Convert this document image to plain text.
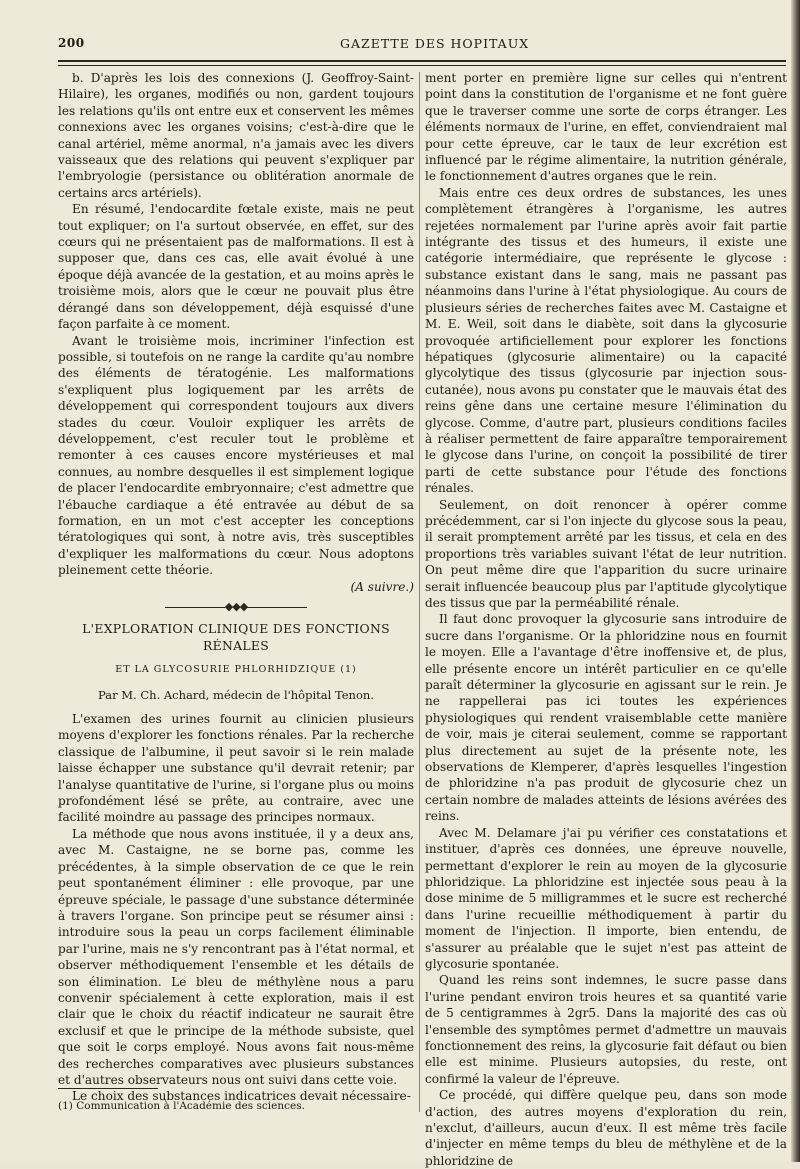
200	GAZETTE DES HOPITAUX

b. D'après les lois des connexions (J. Geoffroy-Saint-Hilaire), les organes, modifiés ou non, gardent toujours les relations qu'ils ont entre eux et conservent les mêmes connexions avec les organes voisins; c'est-à-dire que le canal artériel, même anormal, n'a jamais avec les divers vaisseaux que des relations qui peuvent s'expliquer par l'embryologie (persistance ou oblitération anormale de certains arcs artériels).

En résumé, l'endocardite fœtale existe, mais ne peut tout expliquer; on l'a surtout observée, en effet, sur des cœurs qui ne présentaient pas de malformations. Il est à supposer que, dans ces cas, elle avait évolué à une époque déjà avancée de la gestation, et au moins après le troisième mois, alors que le cœur ne pouvait plus être dérangé dans son développement, déjà esquissé d'une façon parfaite à ce moment.

Avant le troisième mois, incriminer l'infection est possible, si toutefois on ne range la cardite qu'au nombre des éléments de tératogénie. Les malformations s'expliquent plus logiquement par les arrêts de développement qui correspondent toujours aux divers stades du cœur. Vouloir expliquer les arrêts de développement, c'est reculer tout le problème et remonter à ces causes encore mystérieuses et mal connues, au nombre desquelles il est simplement logique de placer l'endocardite embryonnaire; c'est admettre que l'ébauche cardiaque a été entravée au début de sa formation, en un mot c'est accepter les conceptions tératologiques qui sont, à notre avis, très susceptibles d'expliquer les malformations du cœur. Nous adoptons pleinement cette théorie.

(A suivre.)
◆◆◆
L'EXPLORATION CLINIQUE DES FONCTIONS RÉNALES
ET LA GLYCOSURIE PHLORHIDZIQUE (1)
Par M. Ch. Achard, médecin de l'hôpital Tenon.

L'examen des urines fournit au clinicien plusieurs moyens d'explorer les fonctions rénales. Par la recherche classique de l'albumine, il peut savoir si le rein malade laisse échapper une substance qu'il devrait retenir; par l'analyse quantitative de l'urine, si l'organe plus ou moins profondément lésé se prête, au contraire, avec une facilité moindre au passage des principes normaux.

La méthode que nous avons instituée, il y a deux ans, avec M. Castaigne, ne se borne pas, comme les précédentes, à la simple observation de ce que le rein peut spontanément éliminer : elle provoque, par une épreuve spéciale, le passage d'une substance déterminée à travers l'organe. Son principe peut se résumer ainsi : introduire sous la peau un corps facilement éliminable par l'urine, mais ne s'y rencontrant pas à l'état normal, et observer méthodiquement l'ensemble et les détails de son élimination. Le bleu de méthylène nous a paru convenir spécialement à cette exploration, mais il est clair que le choix du réactif indicateur ne saurait être exclusif et que le principe de la méthode subsiste, quel que soit le corps employé. Nous avons fait nous-même des recherches comparatives avec plusieurs substances et d'autres observateurs nous ont suivi dans cette voie.

Le choix des substances indicatrices devait nécessaire-

ment porter en première ligne sur celles qui n'entrent point dans la constitution de l'organisme et ne font guère que le traverser comme une sorte de corps étranger. Les éléments normaux de l'urine, en effet, conviendraient mal pour cette épreuve, car le taux de leur excrétion est influencé par le régime alimentaire, la nutrition générale, le fonctionnement d'autres organes que le rein.

Mais entre ces deux ordres de substances, les unes complètement étrangères à l'organisme, les autres rejetées normalement par l'urine après avoir fait partie intégrante des tissus et des humeurs, il existe une catégorie intermédiaire, que représente le glycose : substance existant dans le sang, mais ne passant pas néanmoins dans l'urine à l'état physiologique. Au cours de plusieurs séries de recherches faites avec M. Castaigne et M. E. Weil, soit dans le diabète, soit dans la glycosurie provoquée artificiellement pour explorer les fonctions hépatiques (glycosurie alimentaire) ou la capacité glycolytique des tissus (glycosurie par injection sous-cutanée), nous avons pu constater que le mauvais état des reins gêne dans une certaine mesure l'élimination du glycose. Comme, d'autre part, plusieurs conditions faciles à réaliser permettent de faire apparaître temporairement le glycose dans l'urine, on conçoit la possibilité de tirer parti de cette substance pour l'étude des fonctions rénales.

Seulement, on doit renoncer à opérer comme précédemment, car si l'on injecte du glycose sous la peau, il serait promptement arrêté par les tissus, et cela en des proportions très variables suivant l'état de leur nutrition. On peut même dire que l'apparition du sucre urinaire serait influencée beaucoup plus par l'aptitude glycolytique des tissus que par la perméabilité rénale.

Il faut donc provoquer la glycosurie sans introduire de sucre dans l'organisme. Or la phloridzine nous en fournit le moyen. Elle a l'avantage d'être inoffensive et, de plus, elle présente encore un intérêt particulier en ce qu'elle paraît déterminer la glycosurie en agissant sur le rein. Je ne rappellerai pas ici toutes les expériences physiologiques qui rendent vraisemblable cette manière de voir, mais je citerai seulement, comme se rapportant plus directement au sujet de la présente note, les observations de Klemperer, d'après lesquelles l'ingestion de phloridzine n'a pas produit de glycosurie chez un certain nombre de malades atteints de lésions avérées des reins.

Avec M. Delamare j'ai pu vérifier ces constatations et instituer, d'après ces données, une épreuve nouvelle, permettant d'explorer le rein au moyen de la glycosurie phloridzique. La phloridzine est injectée sous peau à la dose minime de 5 milligrammes et le sucre est recherché dans l'urine recueillie méthodiquement à partir du moment de l'injection. Il importe, bien entendu, de s'assurer au préalable que le sujet n'est pas atteint de glycosurie spontanée.

Quand les reins sont indemnes, le sucre passe dans l'urine pendant environ trois heures et sa quantité varie de 5 centigrammes à 2gr5. Dans la majorité des cas où l'ensemble des symptômes permet d'admettre un mauvais fonctionnement des reins, la glycosurie fait défaut ou bien elle est minime. Plusieurs autopsies, du reste, ont confirmé la valeur de l'épreuve.

Ce procédé, qui diffère quelque peu, dans son mode d'action, des autres moyens d'exploration du rein, n'exclut, d'ailleurs, aucun d'eux. Il est même très facile d'injecter en même temps du bleu de méthylène et de la phloridzine de

(1) Communication à l'Académie des sciences.
